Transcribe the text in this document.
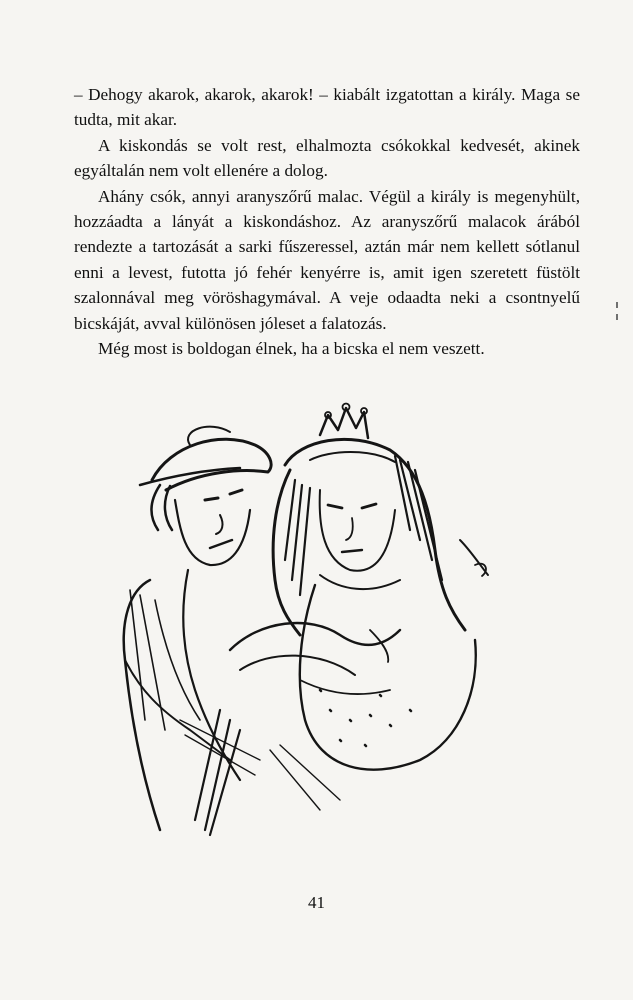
– Dehogy akarok, akarok, akarok! – kiabált izgatottan a király. Maga se tudta, mit akar.

A kiskondás se volt rest, elhalmozta csókokkal kedvesét, akinek egyáltalán nem volt ellenére a dolog.

Ahány csók, annyi aranyszőrű malac. Végül a király is megenyhült, hozzáadta a lányát a kiskondáshoz. Az aranyszőrű malacok árából rendezte a tartozását a sarki fűszeressel, aztán már nem kellett sótlanul enni a levest, futotta jó fehér kenyérre is, amit igen szeretett füstölt szalonnával meg vöröshagymával. A veje odaadta neki a csontnyelű bicskáját, avval különösen jóleset a falatozás.

Még most is boldogan élnek, ha a bicska el nem veszett.

41
